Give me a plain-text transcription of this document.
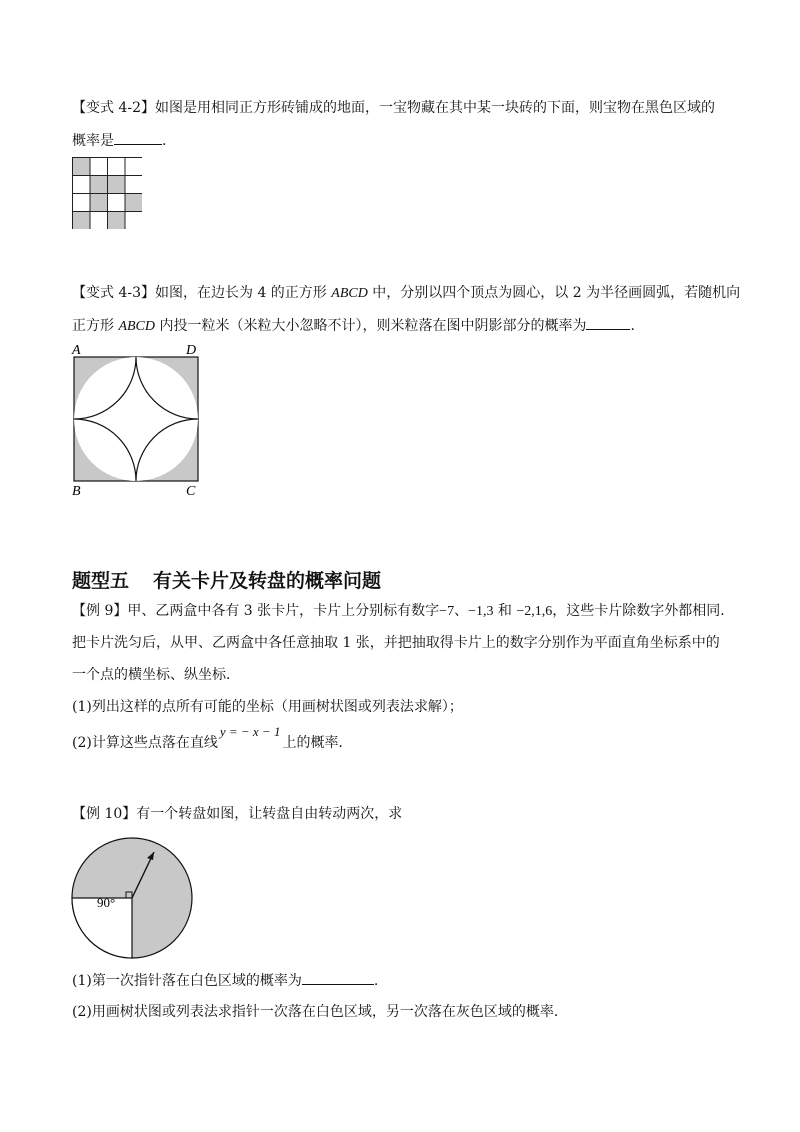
【变式 4-2】如图是用相同正方形砖铺成的地面，一宝物藏在其中某一块砖的下面，则宝物在黑色区域的
概率是	.
【变式 4-3】如图，在边长为 4 的正方形 ABCD 中，分别以四个顶点为圆心，以 2 为半径画圆弧，若随机向
正方形 ABCD 内投一粒米（米粒大小忽略不计），则米粒落在图中阴影部分的概率为	.
A	D
B	C
题型五 有关卡片及转盘的概率问题
【例 9】甲、乙两盒中各有 3 张卡片，卡片上分别标有数字−7、−1,3 和 −2,1,6，这些卡片除数字外都相同．
把卡片洗匀后，从甲、乙两盒中各任意抽取 1 张，并把抽取得卡片上的数字分别作为平面直角坐标系中的
一个点的横坐标、纵坐标．
(1)列出这样的点所有可能的坐标（用画树状图或列表法求解）；
(2)计算这些点落在直线y = − x − 1上的概率．
【例 10】有一个转盘如图，让转盘自由转动两次，求
90°
(1)第一次指针落在白色区域的概率为	.
(2)用画树状图或列表法求指针一次落在白色区域，另一次落在灰色区域的概率．
